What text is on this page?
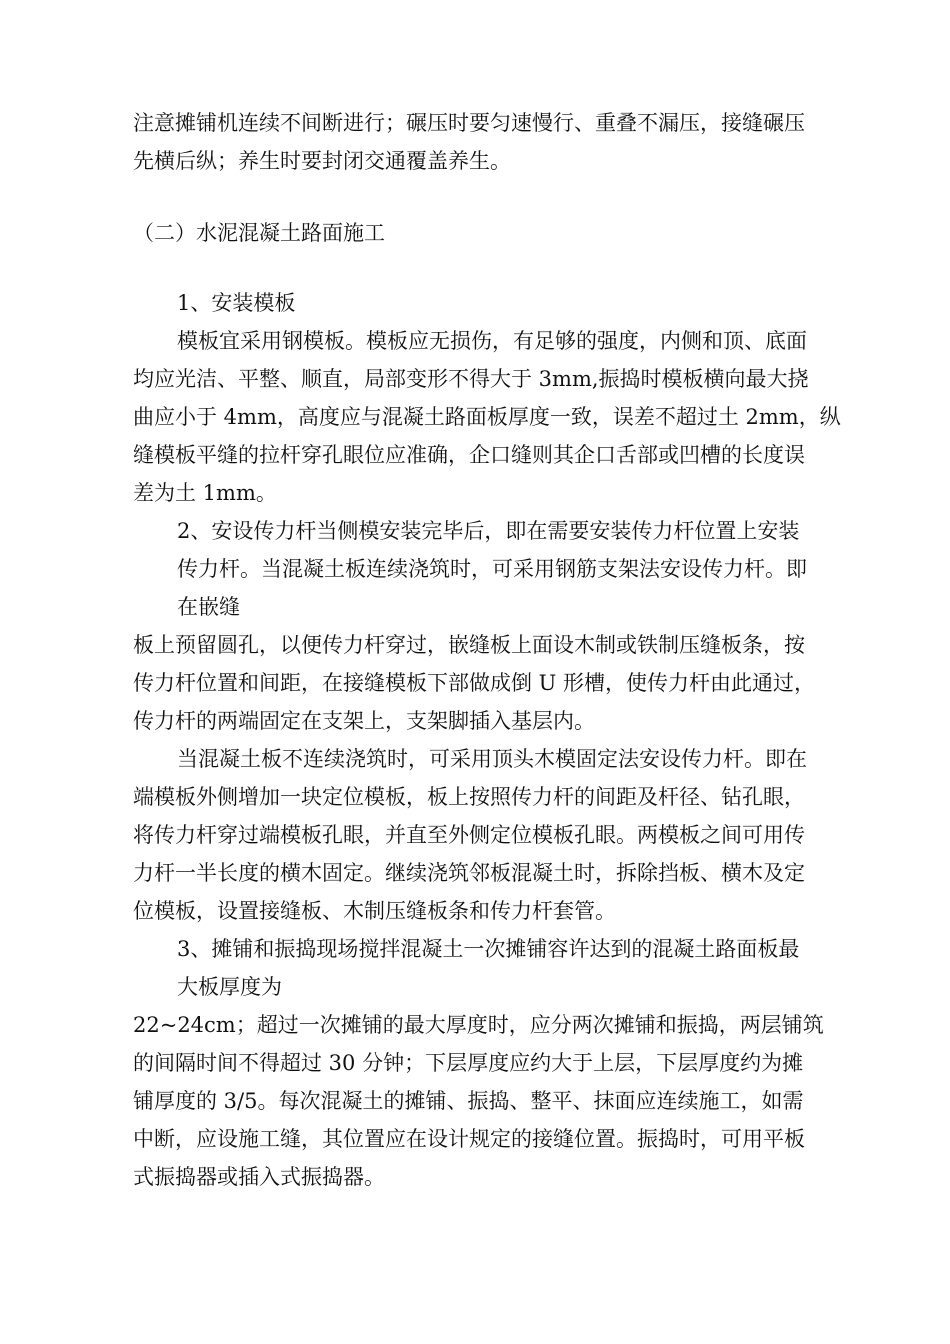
注意摊铺机连续不间断进行；碾压时要匀速慢行、重叠不漏压，接缝碾压
先横后纵；养生时要封闭交通覆盖养生。
（二）水泥混凝土路面施工
1、安装模板
模板宜采用钢模板。模板应无损伤，有足够的强度，内侧和顶、底面
均应光洁、平整、顺直，局部变形不得大于 3mm,振捣时模板横向最大挠
曲应小于 4mm，高度应与混凝土路面板厚度一致，误差不超过土 2mm，纵
缝模板平缝的拉杆穿孔眼位应准确，企口缝则其企口舌部或凹槽的长度误
差为土 1mm。
2、安设传力杆当侧模安装完毕后，即在需要安装传力杆位置上安装
传力杆。当混凝土板连续浇筑时，可采用钢筋支架法安设传力杆。即
在嵌缝
板上预留圆孔，以便传力杆穿过，嵌缝板上面设木制或铁制压缝板条，按
传力杆位置和间距，在接缝模板下部做成倒 U 形槽，使传力杆由此通过，
传力杆的两端固定在支架上，支架脚插入基层内。
当混凝土板不连续浇筑时，可采用顶头木模固定法安设传力杆。即在
端模板外侧增加一块定位模板，板上按照传力杆的间距及杆径、钻孔眼，
将传力杆穿过端模板孔眼，并直至外侧定位模板孔眼。两模板之间可用传
力杆一半长度的横木固定。继续浇筑邻板混凝土时，拆除挡板、横木及定
位模板，设置接缝板、木制压缝板条和传力杆套管。
3、摊铺和振捣现场搅拌混凝土一次摊铺容许达到的混凝土路面板最
大板厚度为
22~24cm；超过一次摊铺的最大厚度时，应分两次摊铺和振捣，两层铺筑
的间隔时间不得超过 30 分钟；下层厚度应约大于上层，下层厚度约为摊
铺厚度的 3/5。每次混凝土的摊铺、振捣、整平、抹面应连续施工，如需
中断，应设施工缝，其位置应在设计规定的接缝位置。振捣时，可用平板
式振捣器或插入式振捣器。
